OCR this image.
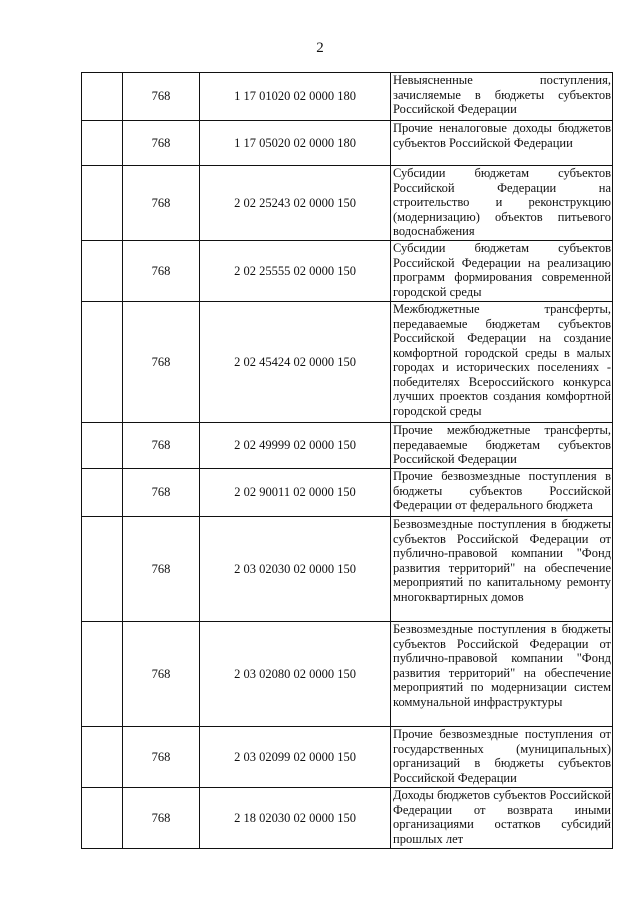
2
	768	1 17 01020 02 0000 180	Невыясненные поступления, зачисляемые в бюджеты субъектов Российской Федерации
	768	1 17 05020 02 0000 180	Прочие неналоговые доходы бюджетов субъектов Российской Федерации
	768	2 02 25243 02 0000 150	Субсидии бюджетам субъектов Российской Федерации на строительство и реконструкцию (модернизацию) объектов питьевого водоснабжения
	768	2 02 25555 02 0000 150	Субсидии бюджетам субъектов Российской Федерации на реализацию программ формирования современной городской среды
	768	2 02 45424 02 0000 150	Межбюджетные трансферты, передаваемые бюджетам субъектов Российской Федерации на создание комфортной городской среды в малых городах и исторических поселениях - победителях Всероссийского конкурса лучших проектов создания комфортной городской среды
	768	2 02 49999 02 0000 150	Прочие межбюджетные трансферты, передаваемые бюджетам субъектов Российской Федерации
	768	2 02 90011 02 0000 150	Прочие безвозмездные поступления в бюджеты субъектов Российской Федерации от федерального бюджета
	768	2 03 02030 02 0000 150	Безвозмездные поступления в бюджеты субъектов Российской Федерации от публично-правовой компании "Фонд развития территорий" на обеспечение мероприятий по капитальному ремонту многоквартирных домов
	768	2 03 02080 02 0000 150	Безвозмездные поступления в бюджеты субъектов Российской Федерации от публично-правовой компании "Фонд развития территорий" на обеспечение мероприятий по модернизации систем коммунальной инфраструктуры
	768	2 03 02099 02 0000 150	Прочие безвозмездные поступления от государственных (муниципальных) организаций в бюджеты субъектов Российской Федерации
	768	2 18 02030 02 0000 150	Доходы бюджетов субъектов Российской Федерации от возврата иными организациями остатков субсидий прошлых лет
